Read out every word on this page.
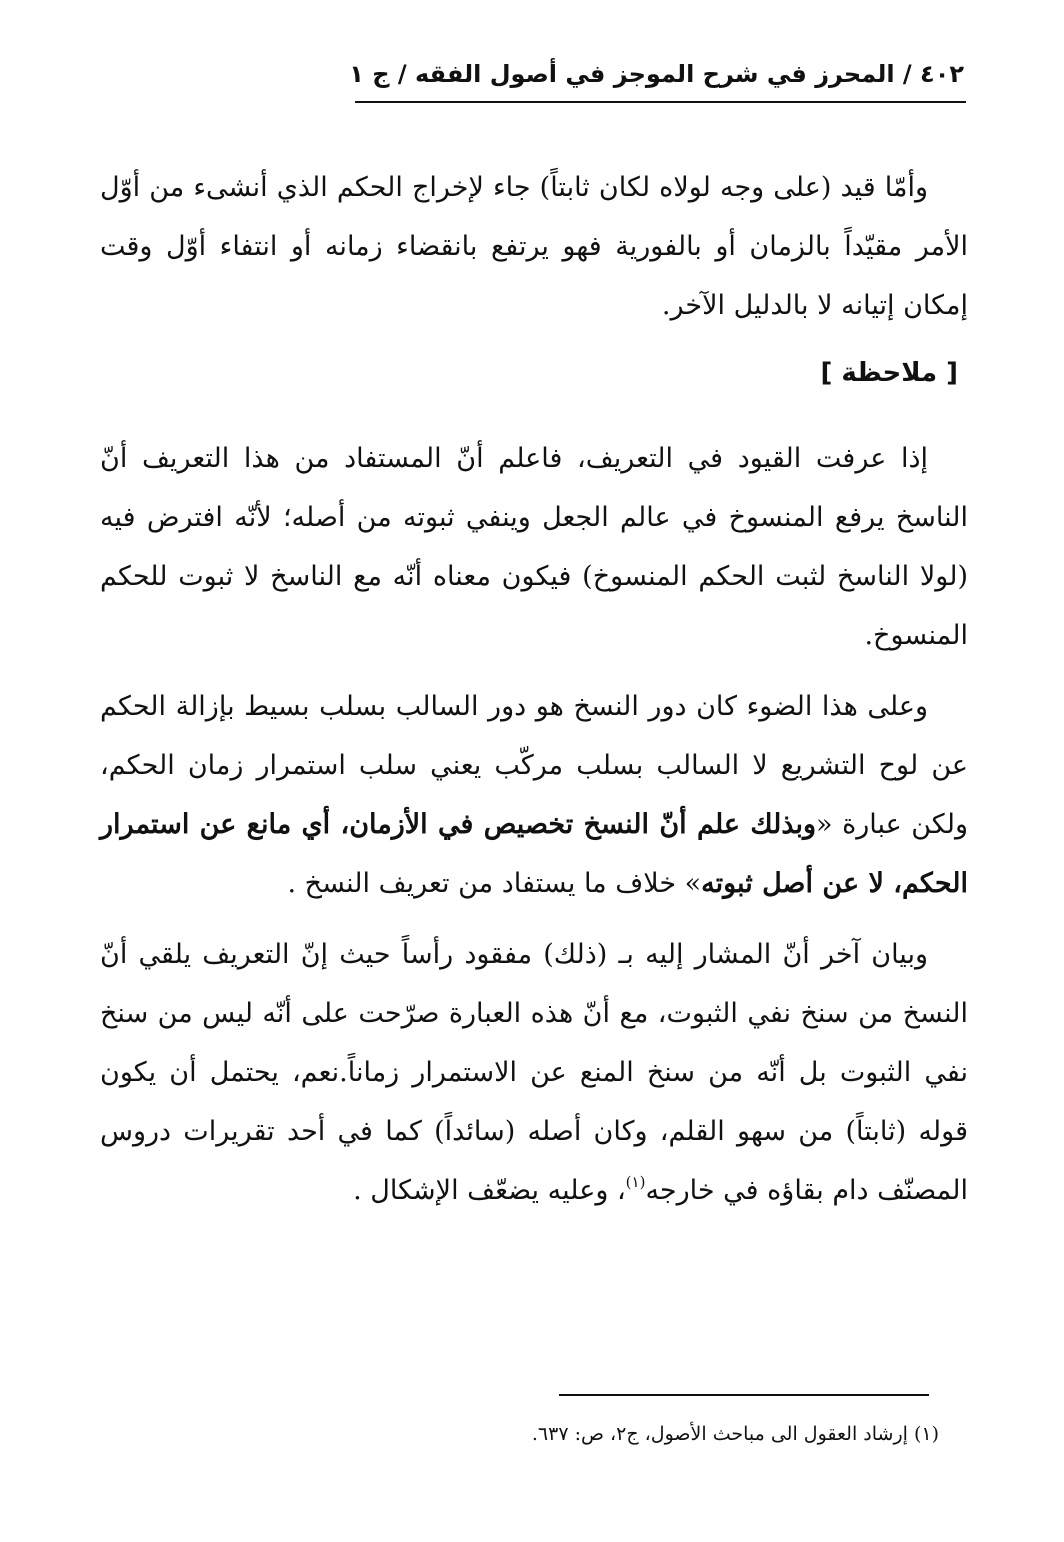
٤٠٢ / المحرز في شرح الموجز في أصول الفقه / ج ١

وأمّا قيد (على وجه لولاه لكان ثابتاً) جاء لإخراج الحكم الذي أنشىء من أوّل الأمر مقيّداً بالزمان أو بالفورية فهو يرتفع بانقضاء زمانه أو انتفاء أوّل وقت إمكان إتيانه لا بالدليل الآخر.

[ ملاحظة ]

إذا عرفت القيود في التعريف، فاعلم أنّ المستفاد من هذا التعريف أنّ الناسخ يرفع المنسوخ في عالم الجعل وينفي ثبوته من أصله؛ لأنّه افترض فيه (لولا الناسخ لثبت الحكم المنسوخ) فيكون معناه أنّه مع الناسخ لا ثبوت للحكم المنسوخ.

وعلى هذا الضوء كان دور النسخ هو دور السالب بسلب بسيط بإزالة الحكم عن لوح التشريع لا السالب بسلب مركّب يعني سلب استمرار زمان الحكم، ولكن عبارة «وبذلك علم أنّ النسخ تخصيص في الأزمان، أي مانع عن استمرار الحكم، لا عن أصل ثبوته» خلاف ما يستفاد من تعريف النسخ .

وبيان آخر أنّ المشار إليه بـ (ذلك) مفقود رأساً حيث إنّ التعريف يلقي أنّ النسخ من سنخ نفي الثبوت، مع أنّ هذه العبارة صرّحت على أنّه ليس من سنخ نفي الثبوت بل أنّه من سنخ المنع عن الاستمرار زماناً.نعم، يحتمل أن يكون قوله (ثابتاً) من سهو القلم، وكان أصله (سائداً) كما في أحد تقريرات دروس المصنّف دام بقاؤه في خارجه$^{(١)}$، وعليه يضعّف الإشكال .

(١) إرشاد العقول الى مباحث الأصول، ج٢، ص: ٦٣٧.
